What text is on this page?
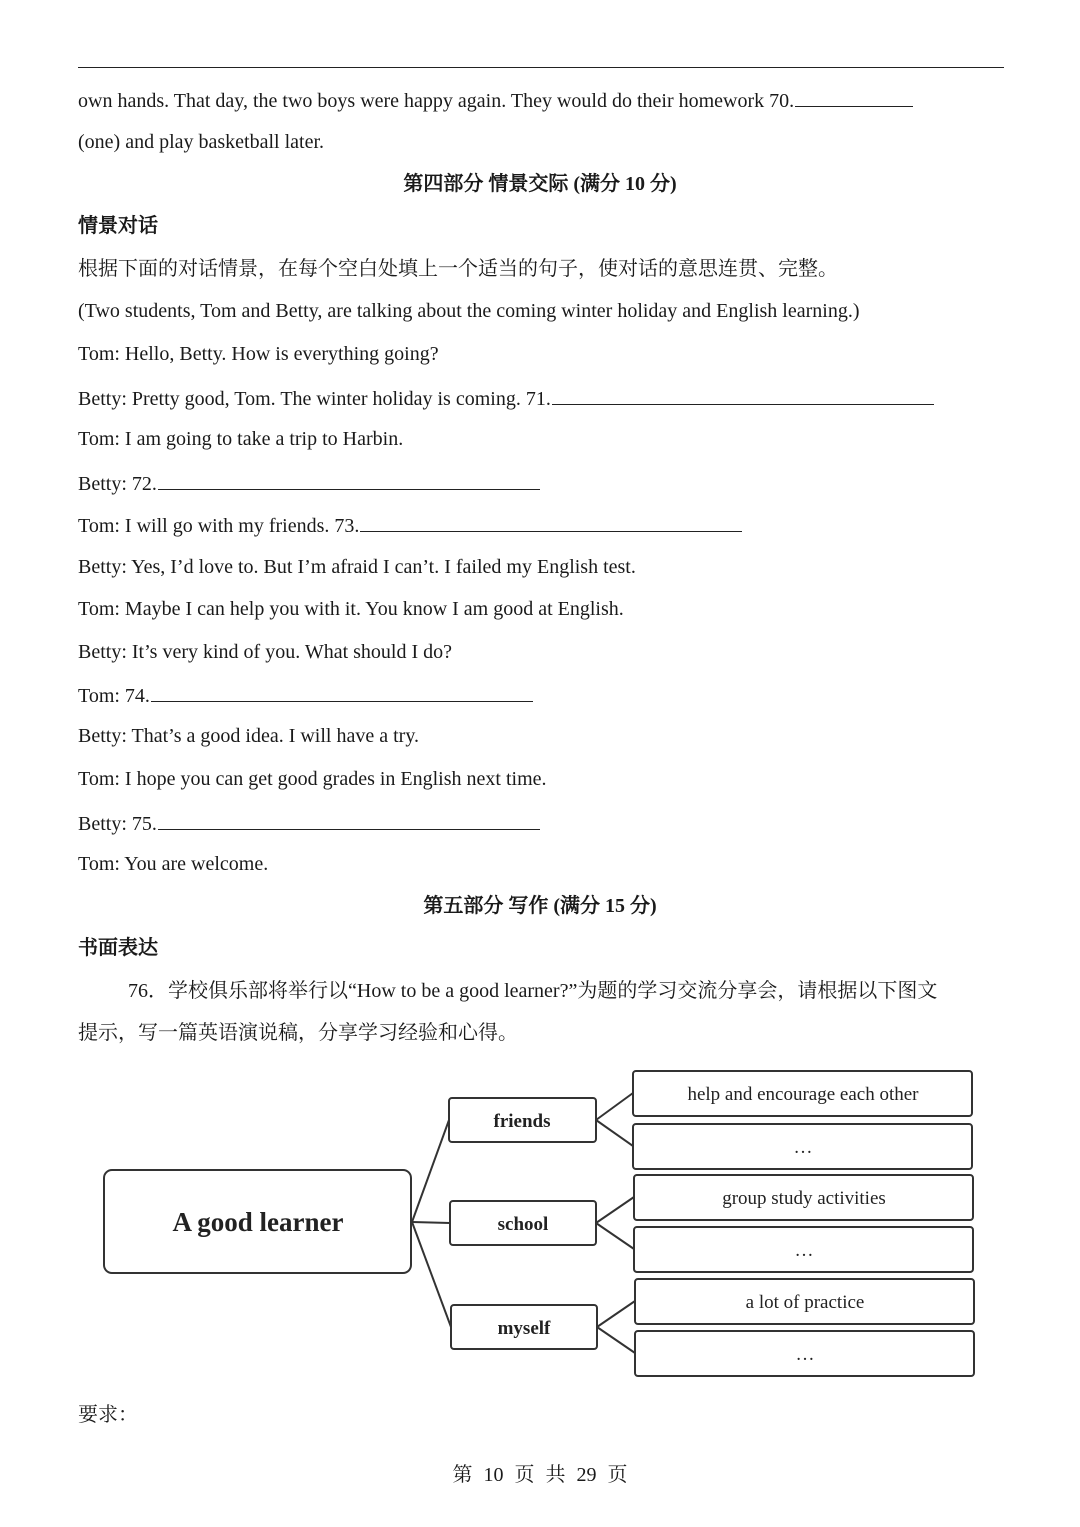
own hands. That day, the two boys were happy again. They would do their homework 70.
(one) and play basketball later.
第四部分 情景交际 (满分 10 分)
情景对话
根据下面的对话情景，在每个空白处填上一个适当的句子，使对话的意思连贯、完整。
(Two students, Tom and Betty, are talking about the coming winter holiday and English learning.)
Tom: Hello, Betty. How is everything going?
Betty: Pretty good, Tom. The winter holiday is coming. 71.
Tom: I am going to take a trip to Harbin.
Betty: 72.
Tom: I will go with my friends. 73.
Betty: Yes, I’d love to. But I’m afraid I can’t. I failed my English test.
Tom: Maybe I can help you with it. You know I am good at English.
Betty: It’s very kind of you. What should I do?
Tom: 74.
Betty: That’s a good idea. I will have a try.
Tom: I hope you can get good grades in English next time.
Betty: 75.
Tom: You are welcome.
第五部分 写作 (满分 15 分)
书面表达
76．学校俱乐部将举行以“How to be a good learner?”为题的学习交流分享会，请根据以下图文
提示，写一篇英语演说稿，分享学习经验和心得。
A good learner
friends
school
myself
help and encourage each other
…
group study activities
…
a lot of practice
…
要求：
第 10 页 共 29 页
